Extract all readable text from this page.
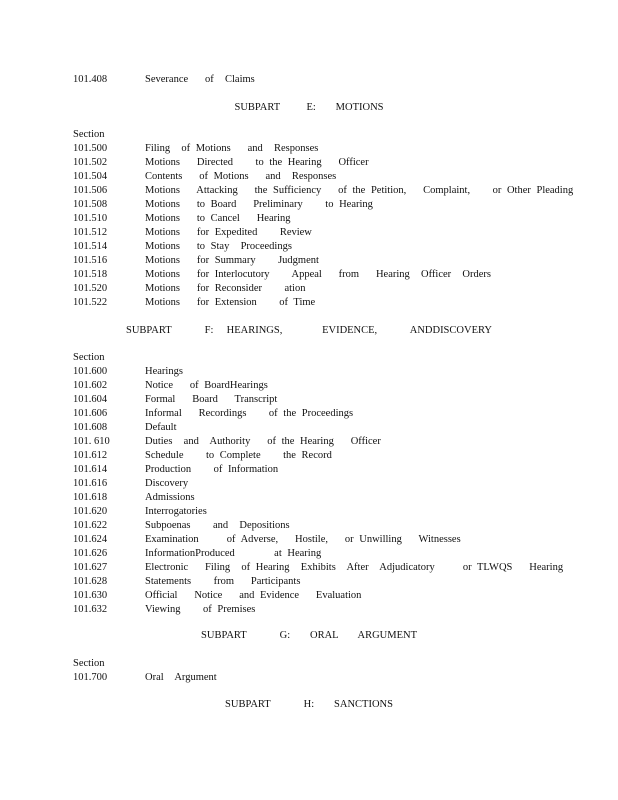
101.408	Severance   of  Claims
SUBPART    E:   MOTIONS
Section
101.500	Filing  of Motions   and  Responses
101.502	Motions   Directed    to the Hearing   Officer
101.504	Contents   of Motions   and  Responses
101.506	Motions   Attacking   the Sufficiency   of the Petition,   Complaint,    or Other Pleading
101.508	Motions   to Board   Preliminary    to Hearing
101.510	Motions   to Cancel   Hearing
101.512	Motions   for Expedited    Review
101.514	Motions   to Stay  Proceedings
101.516	Motions   for Summary    Judgment
101.518	Motions   for Interlocutory    Appeal   from   Hearing  Officer  Orders
101.520	Motions   for Reconsider    ation
101.522	Motions   for Extension    of Time
SUBPART     F:  HEARINGS,      EVIDENCE,     ANDDISCOVERY
Section
101.600	Hearings
101.602	Notice   of BoardHearings
101.604	Formal   Board   Transcript
101.606	Informal   Recordings    of the Proceedings
101.608	Default
101. 610	Duties  and  Authority   of the Hearing   Officer
101.612	Schedule    to Complete    the Record
101.614	Production    of Information
101.616	Discovery
101.618	Admissions
101.620	Interrogatories
101.622	Subpoenas    and  Depositions
101.624	Examination     of Adverse,   Hostile,   or Unwilling   Witnesses
101.626	InformationProduced       at Hearing
101.627	Electronic   Filing  of Hearing  Exhibits  After  Adjudicatory     or TLWQS   Hearing
101.628	Statements    from   Participants
101.630	Official   Notice   and Evidence   Evaluation
101.632	Viewing    of Premises
SUBPART     G:   ORAL   ARGUMENT
Section
101.700	Oral  Argument
SUBPART     H:   SANCTIONS
